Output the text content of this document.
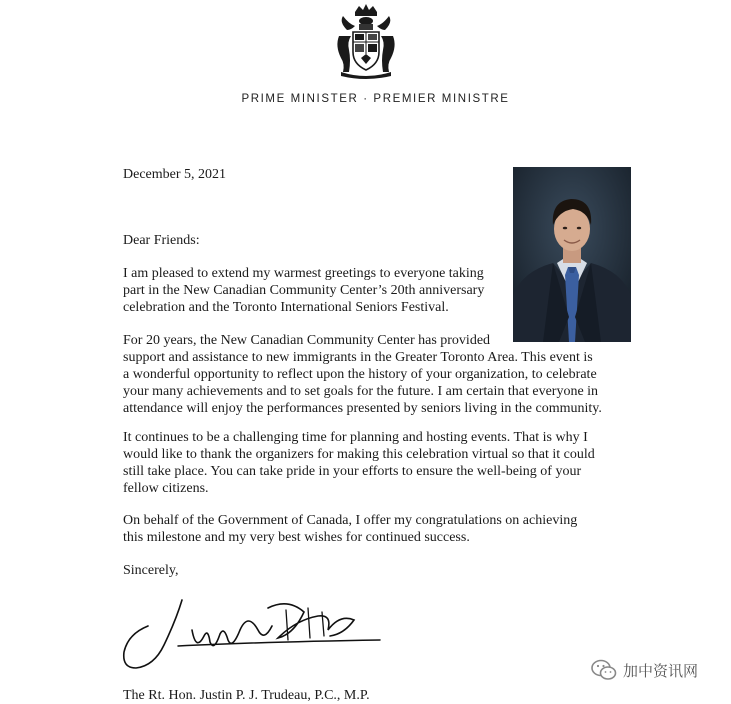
PRIME MINISTER · PREMIER MINISTRE
December 5, 2021
Dear Friends:
I am pleased to extend my warmest greetings to everyone taking
part in the New Canadian Community Center’s 20th anniversary
celebration and the Toronto International Seniors Festival.
For 20 years, the New Canadian Community Center has provided
support and assistance to new immigrants in the Greater Toronto Area. This event is
a wonderful opportunity to reflect upon the history of your organization, to celebrate
your many achievements and to set goals for the future. I am certain that everyone in
attendance will enjoy the performances presented by seniors living in the community.
It continues to be a challenging time for planning and hosting events. That is why I
would like to thank the organizers for making this celebration virtual so that it could
still take place. You can take pride in your efforts to ensure the well-being of your
fellow citizens.
On behalf of the Government of Canada, I offer my congratulations on achieving
this milestone and my very best wishes for continued success.
Sincerely,
The Rt. Hon. Justin P. J. Trudeau, P.C., M.P.
加中资讯网
